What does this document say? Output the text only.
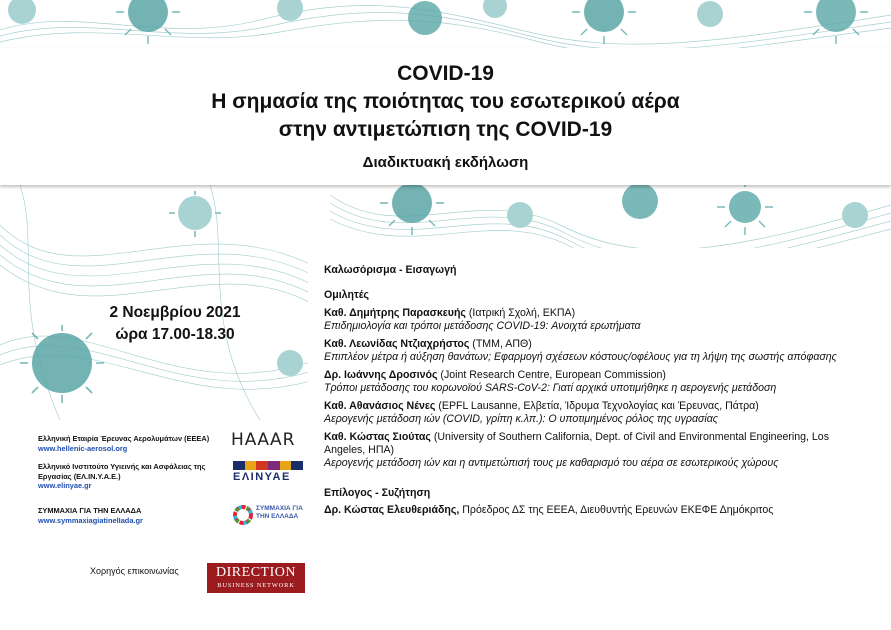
COVID-19
Η σημασία της ποιότητας του εσωτερικού αέρα
στην αντιμετώπιση της COVID-19
Διαδικτυακή εκδήλωση
2 Νοεμβρίου 2021
ώρα 17.00-18.30
Καλωσόρισμα - Εισαγωγή
Ομιλητές
Καθ. Δημήτρης Παρασκευής (Ιατρική Σχολή, ΕΚΠΑ)
Επιδημιολογία και τρόποι μετάδοσης COVID-19: Ανοιχτά ερωτήματα
Καθ. Λεωνίδας Ντζιαχρήστος (ΤΜΜ, ΑΠΘ)
Επιπλέον μέτρα ή αύξηση θανάτων; Εφαρμογή σχέσεων κόστους/οφέλους για τη λήψη της σωστής απόφασης
Δρ. Ιωάννης Δροσινός (Joint Research Centre, European Commission)
Τρόποι μετάδοσης του κορωνοϊού SARS-CoV-2: Γιατί αρχικά υποτιμήθηκε η αερογενής μετάδοση
Καθ. Αθανάσιος Νένες (EPFL Lausanne, Ελβετία, Ίδρυμα Τεχνολογίας και Έρευνας, Πάτρα)
Αερογενής μετάδοση ιών (COVID, γρίπη κ.λπ.): Ο υποτιμημένος ρόλος της υγρασίας
Καθ. Κώστας Σιούτας (University of Southern California, Dept. of Civil and Environmental Engineering, Los Angeles, ΗΠΑ)
Αερογενής μετάδοση ιών και η αντιμετώπισή τους με καθαρισμό του αέρα σε εσωτερικούς χώρους
Επίλογος - Συζήτηση
Δρ. Κώστας Ελευθεριάδης, Πρόεδρος ΔΣ της ΕΕΕΑ, Διευθυντής Ερευνών ΕΚΕΦΕ Δημόκριτος
Ελληνική Εταιρία Έρευνας Αερολυμάτων (ΕΕΕΑ)
www.hellenic-aerosol.org	ΗΑΑΑR
Ελληνικό Ινστιτούτο Υγιεινής και Ασφάλειας της Εργασίας (ΕΛ.ΙΝ.Υ.Α.Ε.)
www.elinyae.gr
ΕΛΙΝΥΑΕ
ΣΥΜΜΑΧΙΑ ΓΙΑ ΤΗΝ ΕΛΛΑΔΑ
www.symmaxiagiatinelIada.gr
ΣΥΜΜΑΧΙΑ ΓΙΑ ΤΗΝ ΕΛΛΑΔΑ
Χορηγός επικοινωνίας	DIRECTION
BUSINESS NETWORK
